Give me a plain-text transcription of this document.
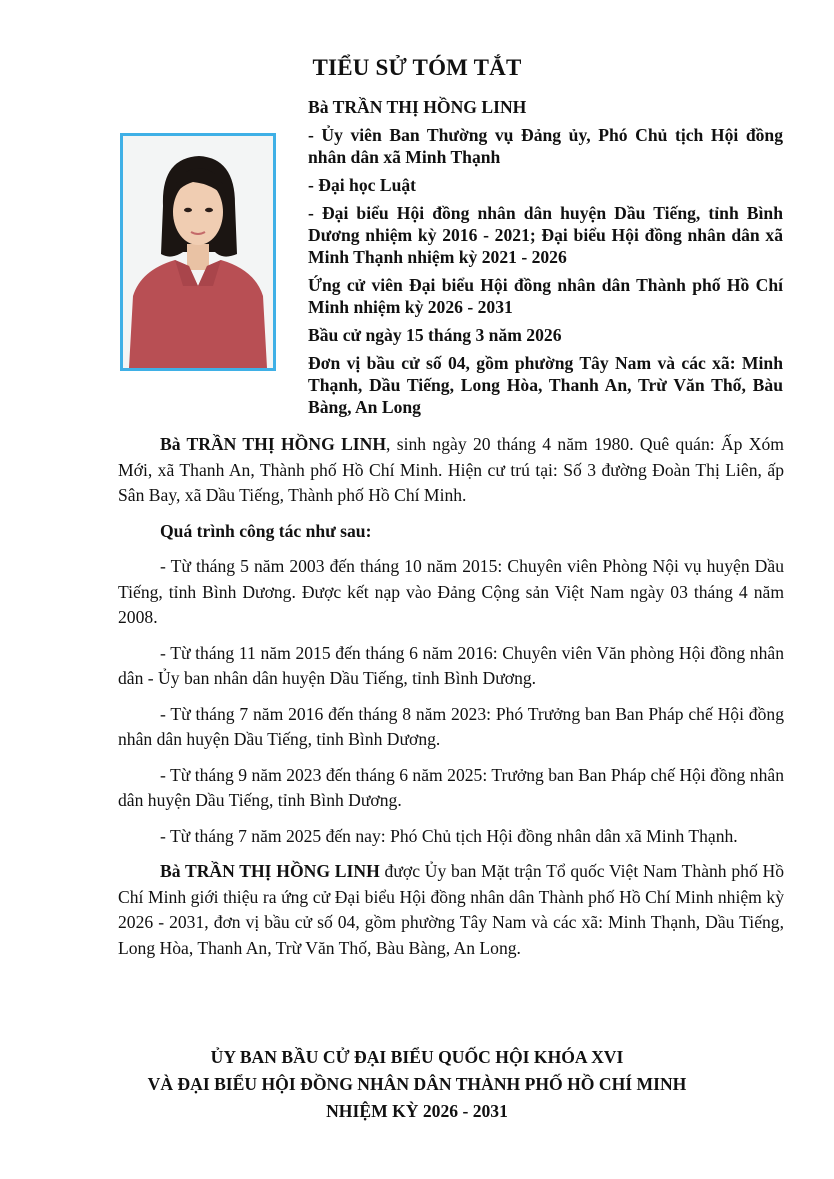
TIỂU SỬ TÓM TẮT

Bà TRẦN THỊ HỒNG LINH

- Ủy viên Ban Thường vụ Đảng ủy, Phó Chủ tịch Hội đồng nhân dân xã Minh Thạnh

- Đại học Luật

- Đại biểu Hội đồng nhân dân huyện Dầu Tiếng, tỉnh Bình Dương nhiệm kỳ 2016 - 2021; Đại biểu Hội đồng nhân dân xã Minh Thạnh nhiệm kỳ 2021 - 2026

Ứng cử viên Đại biểu Hội đồng nhân dân Thành phố Hồ Chí Minh nhiệm kỳ 2026 - 2031

Bầu cử ngày 15 tháng 3 năm 2026

Đơn vị bầu cử số 04, gồm phường Tây Nam và các xã: Minh Thạnh, Dầu Tiếng, Long Hòa, Thanh An, Trừ Văn Thố, Bàu Bàng, An Long

Bà TRẦN THỊ HỒNG LINH, sinh ngày 20 tháng 4 năm 1980. Quê quán: Ấp Xóm Mới, xã Thanh An, Thành phố Hồ Chí Minh. Hiện cư trú tại: Số 3 đường Đoàn Thị Liên, ấp Sân Bay, xã Dầu Tiếng, Thành phố Hồ Chí Minh.

Quá trình công tác như sau:

- Từ tháng 5 năm 2003 đến tháng 10 năm 2015: Chuyên viên Phòng Nội vụ huyện Dầu Tiếng, tỉnh Bình Dương. Được kết nạp vào Đảng Cộng sản Việt Nam ngày 03 tháng 4 năm 2008.

- Từ tháng 11 năm 2015 đến tháng 6 năm 2016: Chuyên viên Văn phòng Hội đồng nhân dân - Ủy ban nhân dân huyện Dầu Tiếng, tỉnh Bình Dương.

- Từ tháng 7 năm 2016 đến tháng 8 năm 2023: Phó Trưởng ban Ban Pháp chế Hội đồng nhân dân huyện Dầu Tiếng, tỉnh Bình Dương.

- Từ tháng 9 năm 2023 đến tháng 6 năm 2025: Trưởng ban Ban Pháp chế Hội đồng nhân dân huyện Dầu Tiếng, tỉnh Bình Dương.

- Từ tháng 7 năm 2025 đến nay: Phó Chủ tịch Hội đồng nhân dân xã Minh Thạnh.

Bà TRẦN THỊ HỒNG LINH được Ủy ban Mặt trận Tổ quốc Việt Nam Thành phố Hồ Chí Minh giới thiệu ra ứng cử Đại biểu Hội đồng nhân dân Thành phố Hồ Chí Minh nhiệm kỳ 2026 - 2031, đơn vị bầu cử số 04, gồm phường Tây Nam và các xã: Minh Thạnh, Dầu Tiếng, Long Hòa, Thanh An, Trừ Văn Thố, Bàu Bàng, An Long.

ỦY BAN BẦU CỬ ĐẠI BIỂU QUỐC HỘI KHÓA XVI
VÀ ĐẠI BIỂU HỘI ĐỒNG NHÂN DÂN THÀNH PHỐ HỒ CHÍ MINH
NHIỆM KỲ 2026 - 2031
